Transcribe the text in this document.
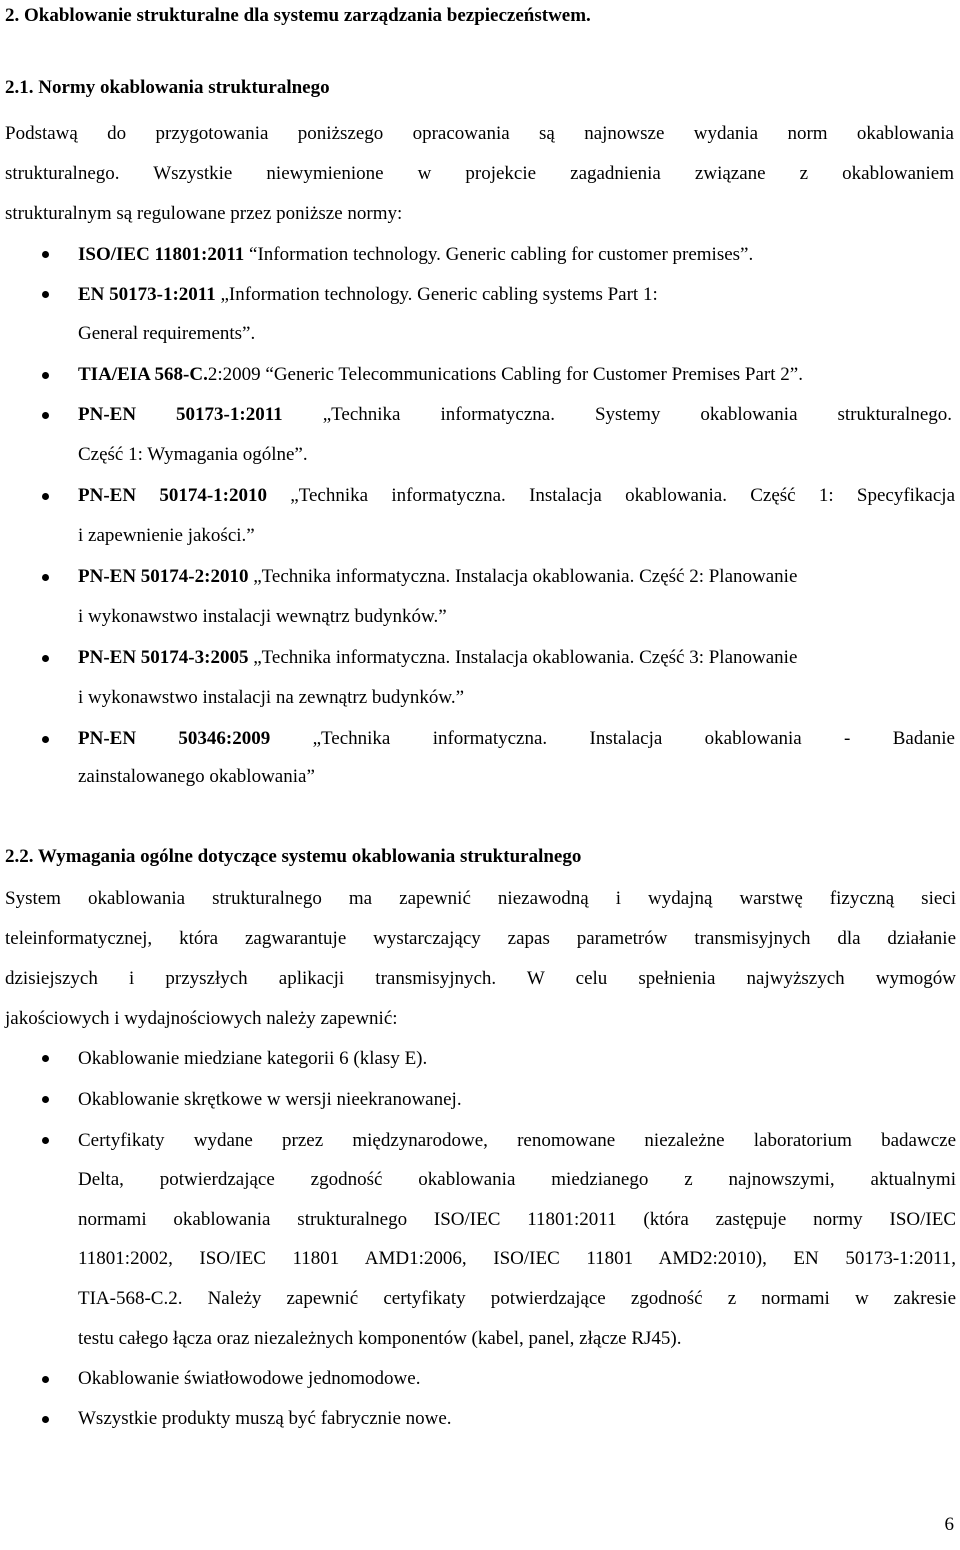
2. Okablowanie strukturalne dla systemu zarządzania bezpieczeństwem.
2.1. Normy okablowania strukturalnego
Podstawą do przygotowania poniższego opracowania są najnowsze wydania norm okablowania
strukturalnego. Wszystkie niewymienione w projekcie zagadnienia związane z okablowaniem
strukturalnym są regulowane przez poniższe normy:
ISO/IEC 11801:2011 “Information technology. Generic cabling for customer premises”.
EN 50173-1:2011 „Information technology. Generic cabling systems Part 1:
General requirements”.
TIA/EIA 568-C.2:2009 “Generic Telecommunications Cabling for Customer Premises Part 2”.
PN-EN 50173-1:2011 „Technika informatyczna. Systemy okablowania strukturalnego.
Część 1: Wymagania ogólne”.
PN-EN 50174-1:2010 „Technika informatyczna. Instalacja okablowania. Część 1: Specyfikacja
i zapewnienie jakości.”
PN-EN 50174-2:2010 „Technika informatyczna. Instalacja okablowania. Część 2: Planowanie
i wykonawstwo instalacji wewnątrz budynków.”
PN-EN 50174-3:2005 „Technika informatyczna. Instalacja okablowania. Część 3: Planowanie
i wykonawstwo instalacji na zewnątrz budynków.”
PN-EN 50346:2009 „Technika informatyczna. Instalacja okablowania - Badanie
zainstalowanego okablowania”
2.2. Wymagania ogólne dotyczące systemu okablowania strukturalnego
System okablowania strukturalnego ma zapewnić niezawodną i wydajną warstwę fizyczną sieci
teleinformatycznej, która zagwarantuje wystarczający zapas parametrów transmisyjnych dla działanie
dzisiejszych i przyszłych aplikacji transmisyjnych. W celu spełnienia najwyższych wymogów
jakościowych i wydajnościowych należy zapewnić:
Okablowanie miedziane kategorii 6 (klasy E).
Okablowanie skrętkowe w wersji nieekranowanej.
Certyfikaty wydane przez międzynarodowe, renomowane niezależne laboratorium badawcze
Delta, potwierdzające zgodność okablowania miedzianego z najnowszymi, aktualnymi
normami okablowania strukturalnego ISO/IEC 11801:2011 (która zastępuje normy ISO/IEC
11801:2002, ISO/IEC 11801 AMD1:2006, ISO/IEC 11801 AMD2:2010), EN 50173-1:2011,
TIA-568-C.2. Należy zapewnić certyfikaty potwierdzające zgodność z normami w zakresie
testu całego łącza oraz niezależnych komponentów (kabel, panel, złącze RJ45).
Okablowanie światłowodowe jednomodowe.
Wszystkie produkty muszą być fabrycznie nowe.
6
